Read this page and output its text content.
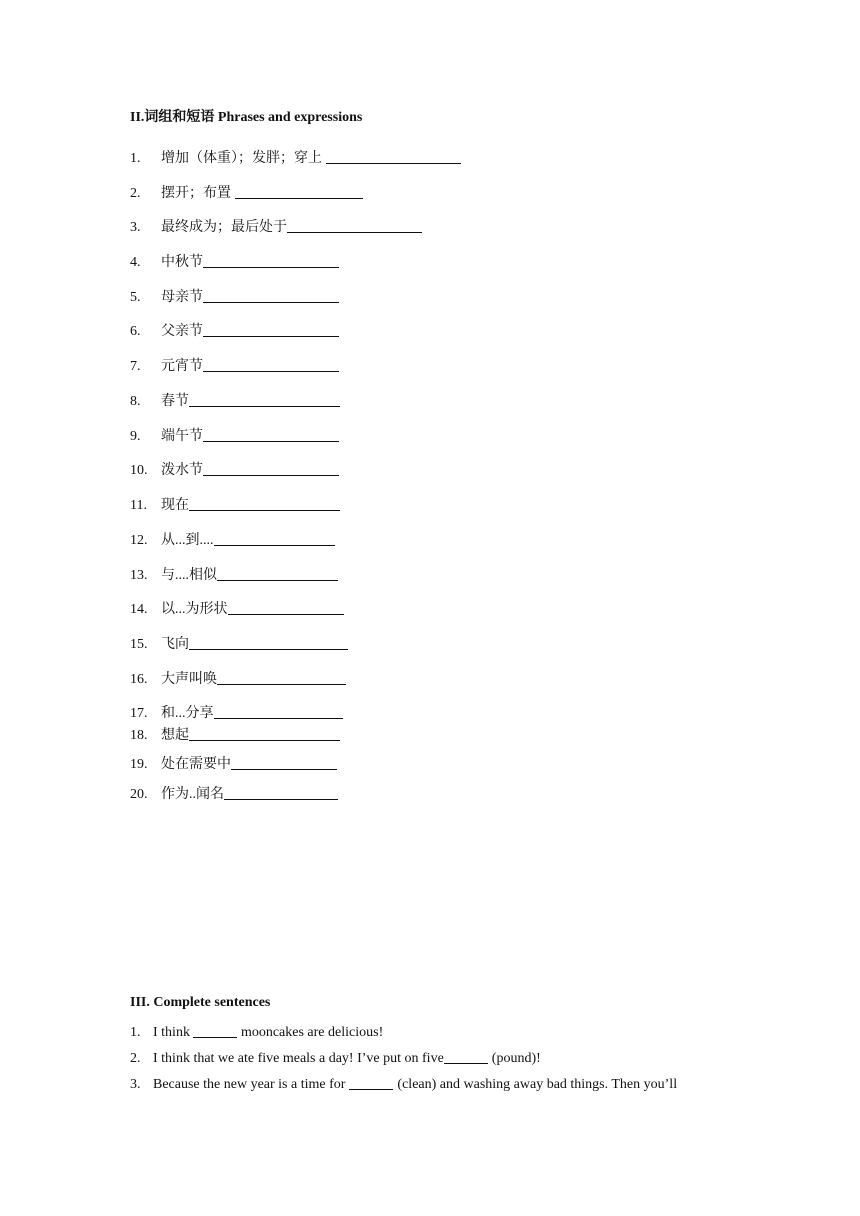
II.词组和短语 Phrases and expressions
1.	增加（体重）；发胖；穿上
2.	摆开；布置
3.	最终成为；最后处于
4.	中秋节
5.	母亲节
6.	父亲节
7.	元宵节
8.	春节
9.	端午节
10. 泼水节
11.	现在
12. 从...到....
13. 与....相似
14. 以...为形状
15. 飞向
16. 大声叫唤
17. 和...分享
18. 想起
19. 处在需要中
20. 作为..闻名
III. Complete sentences
1. I think	mooncakes are delicious!
2. I think that we ate five meals a day! I’ve put on five	(pound)!
3. Because the new year is a time for	(clean) and washing away bad things. Then you’ll
